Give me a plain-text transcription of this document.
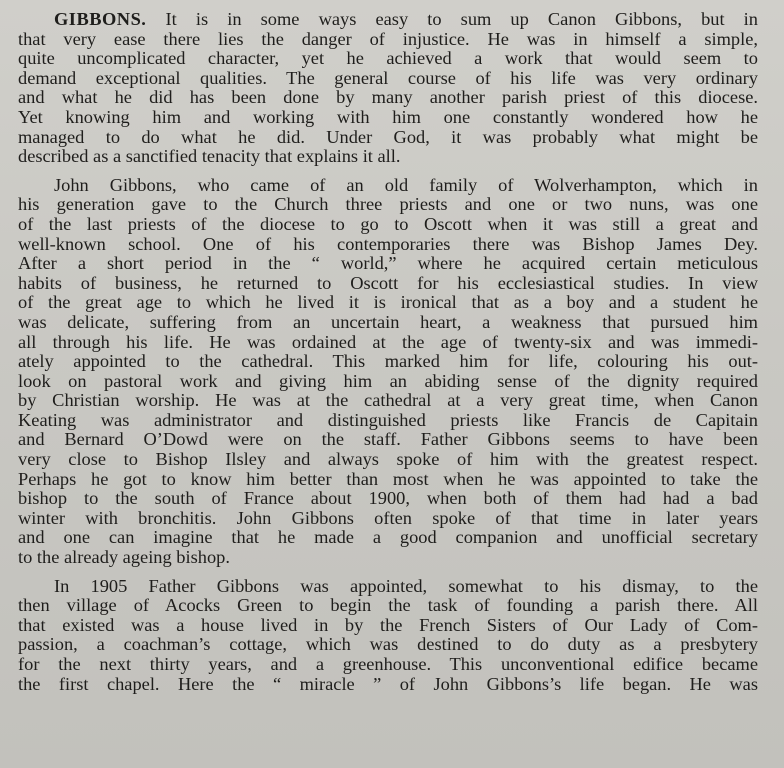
GIBBONS. It is in some ways easy to sum up Canon Gibbons, but in
that very ease there lies the danger of injustice. He was in himself a simple,
quite uncomplicated character, yet he achieved a work that would seem to
demand exceptional qualities. The general course of his life was very ordinary
and what he did has been done by many another parish priest of this diocese.
Yet knowing him and working with him one constantly wondered how he
managed to do what he did. Under God, it was probably what might be
described as a sanctified tenacity that explains it all.

John Gibbons, who came of an old family of Wolverhampton, which in
his generation gave to the Church three priests and one or two nuns, was one
of the last priests of the diocese to go to Oscott when it was still a great and
well-known school. One of his contemporaries there was Bishop James Dey.
After a short period in the “ world,” where he acquired certain meticulous
habits of business, he returned to Oscott for his ecclesiastical studies. In view
of the great age to which he lived it is ironical that as a boy and a student he
was delicate, suffering from an uncertain heart, a weakness that pursued him
all through his life. He was ordained at the age of twenty-six and was immedi-
ately appointed to the cathedral. This marked him for life, colouring his out-
look on pastoral work and giving him an abiding sense of the dignity required
by Christian worship. He was at the cathedral at a very great time, when Canon
Keating was administrator and distinguished priests like Francis de Capitain
and Bernard O’Dowd were on the staff. Father Gibbons seems to have been
very close to Bishop Ilsley and always spoke of him with the greatest respect.
Perhaps he got to know him better than most when he was appointed to take the
bishop to the south of France about 1900, when both of them had had a bad
winter with bronchitis. John Gibbons often spoke of that time in later years
and one can imagine that he made a good companion and unofficial secretary
to the already ageing bishop.

In 1905 Father Gibbons was appointed, somewhat to his dismay, to the
then village of Acocks Green to begin the task of founding a parish there. All
that existed was a house lived in by the French Sisters of Our Lady of Com-
passion, a coachman’s cottage, which was destined to do duty as a presbytery
for the next thirty years, and a greenhouse. This unconventional edifice became
the first chapel. Here the “ miracle ” of John Gibbons’s life began. He was
